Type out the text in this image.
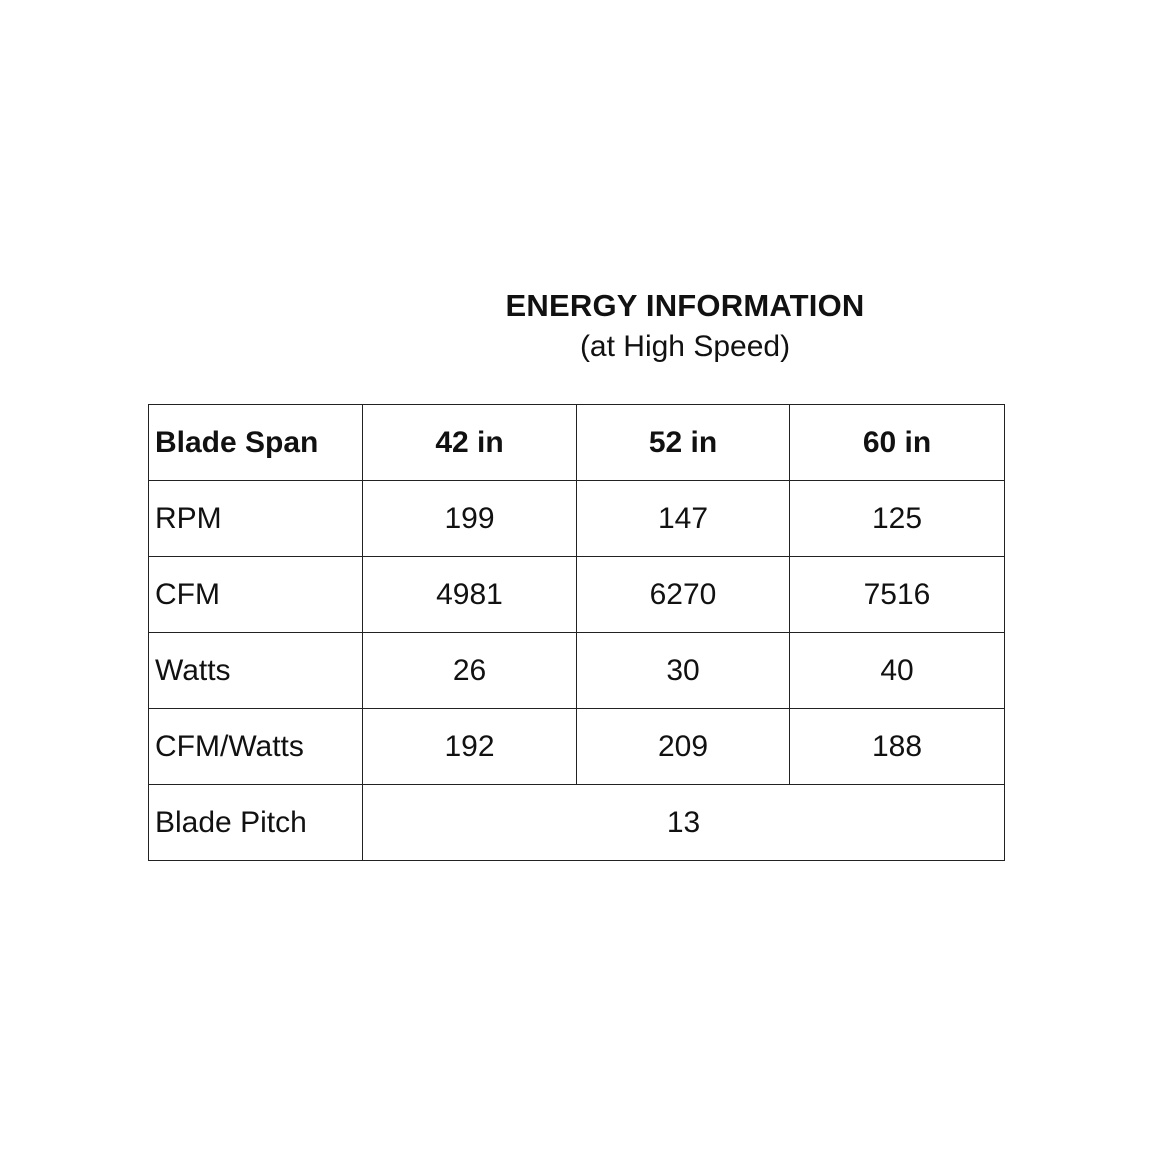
ENERGY INFORMATION
(at High Speed)
Blade Span	42 in	52 in	60 in
RPM	199	147	125
CFM	4981	6270	7516
Watts	26	30	40
CFM/Watts	192	209	188
Blade Pitch	13		
